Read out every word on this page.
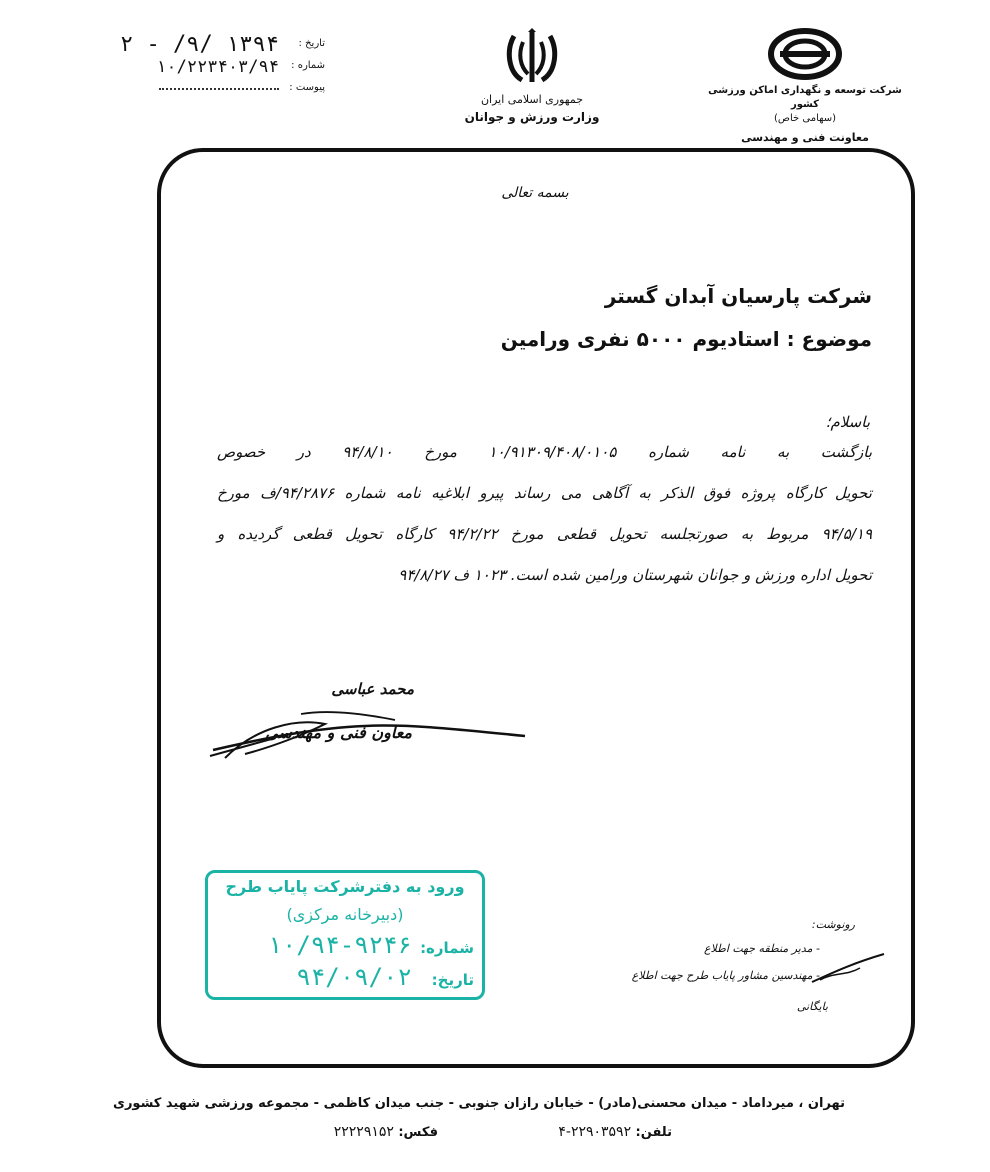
شرکت توسعه و نگهداری اماکن ورزشی کشور
(سهامی خاص)
معاونت فنی و مهندسی
جمهوری اسلامی ایران
وزارت ورزش و جوانان
تاریخ :
۱۳۹۴ /۹/ - ۲
شماره :
۱۰/۲۲۳۴۰۳/۹۴
پیوست :
بسمه تعالی
شرکت پارسیان آبدان گستر
موضوع : استادیوم ۵۰۰۰ نفری ورامین
باسلام؛
بازگشت به نامه شماره ۱۰/۹۱۳۰۹/۴۰۸/۰۱۰۵ مورخ ۹۴/۸/۱۰ در خصوص
تحویل کارگاه پروژه فوق الذکر به آگاهی می رساند پیرو ابلاغیه نامه شماره ۹۴/۲۸۷۶/ف مورخ
۹۴/۵/۱۹ مربوط به صورتجلسه تحویل قطعی مورخ ۹۴/۲/۲۲ کارگاه تحویل قطعی گردیده و
تحویل اداره ورزش و جوانان شهرستان ورامین شده است. ۱۰۲۳ ف ۹۴/۸/۲۷
محمد عباسی
معاون فنی و مهندسی
ورود به دفترشرکت پایاب طرح
(دبیرخانه مرکزی)
شماره:
۱۰/۹۴-۹۲۴۶
تاریخ:
۹۴/۰۹/۰۲
رونوشت:
- مدیر منطقه جهت اطلاع
- مهندسین مشاور پایاب طرح جهت اطلاع
بایگانی
تهران ، میرداماد - میدان محسنی(مادر) - خیابان رازان جنوبی - جنب میدان کاظمی - مجموعه ورزشی شهید کشوری
تلفن: ۲۲۹۰۳۵۹۲-۴
فکس: ۲۲۲۲۹۱۵۲
